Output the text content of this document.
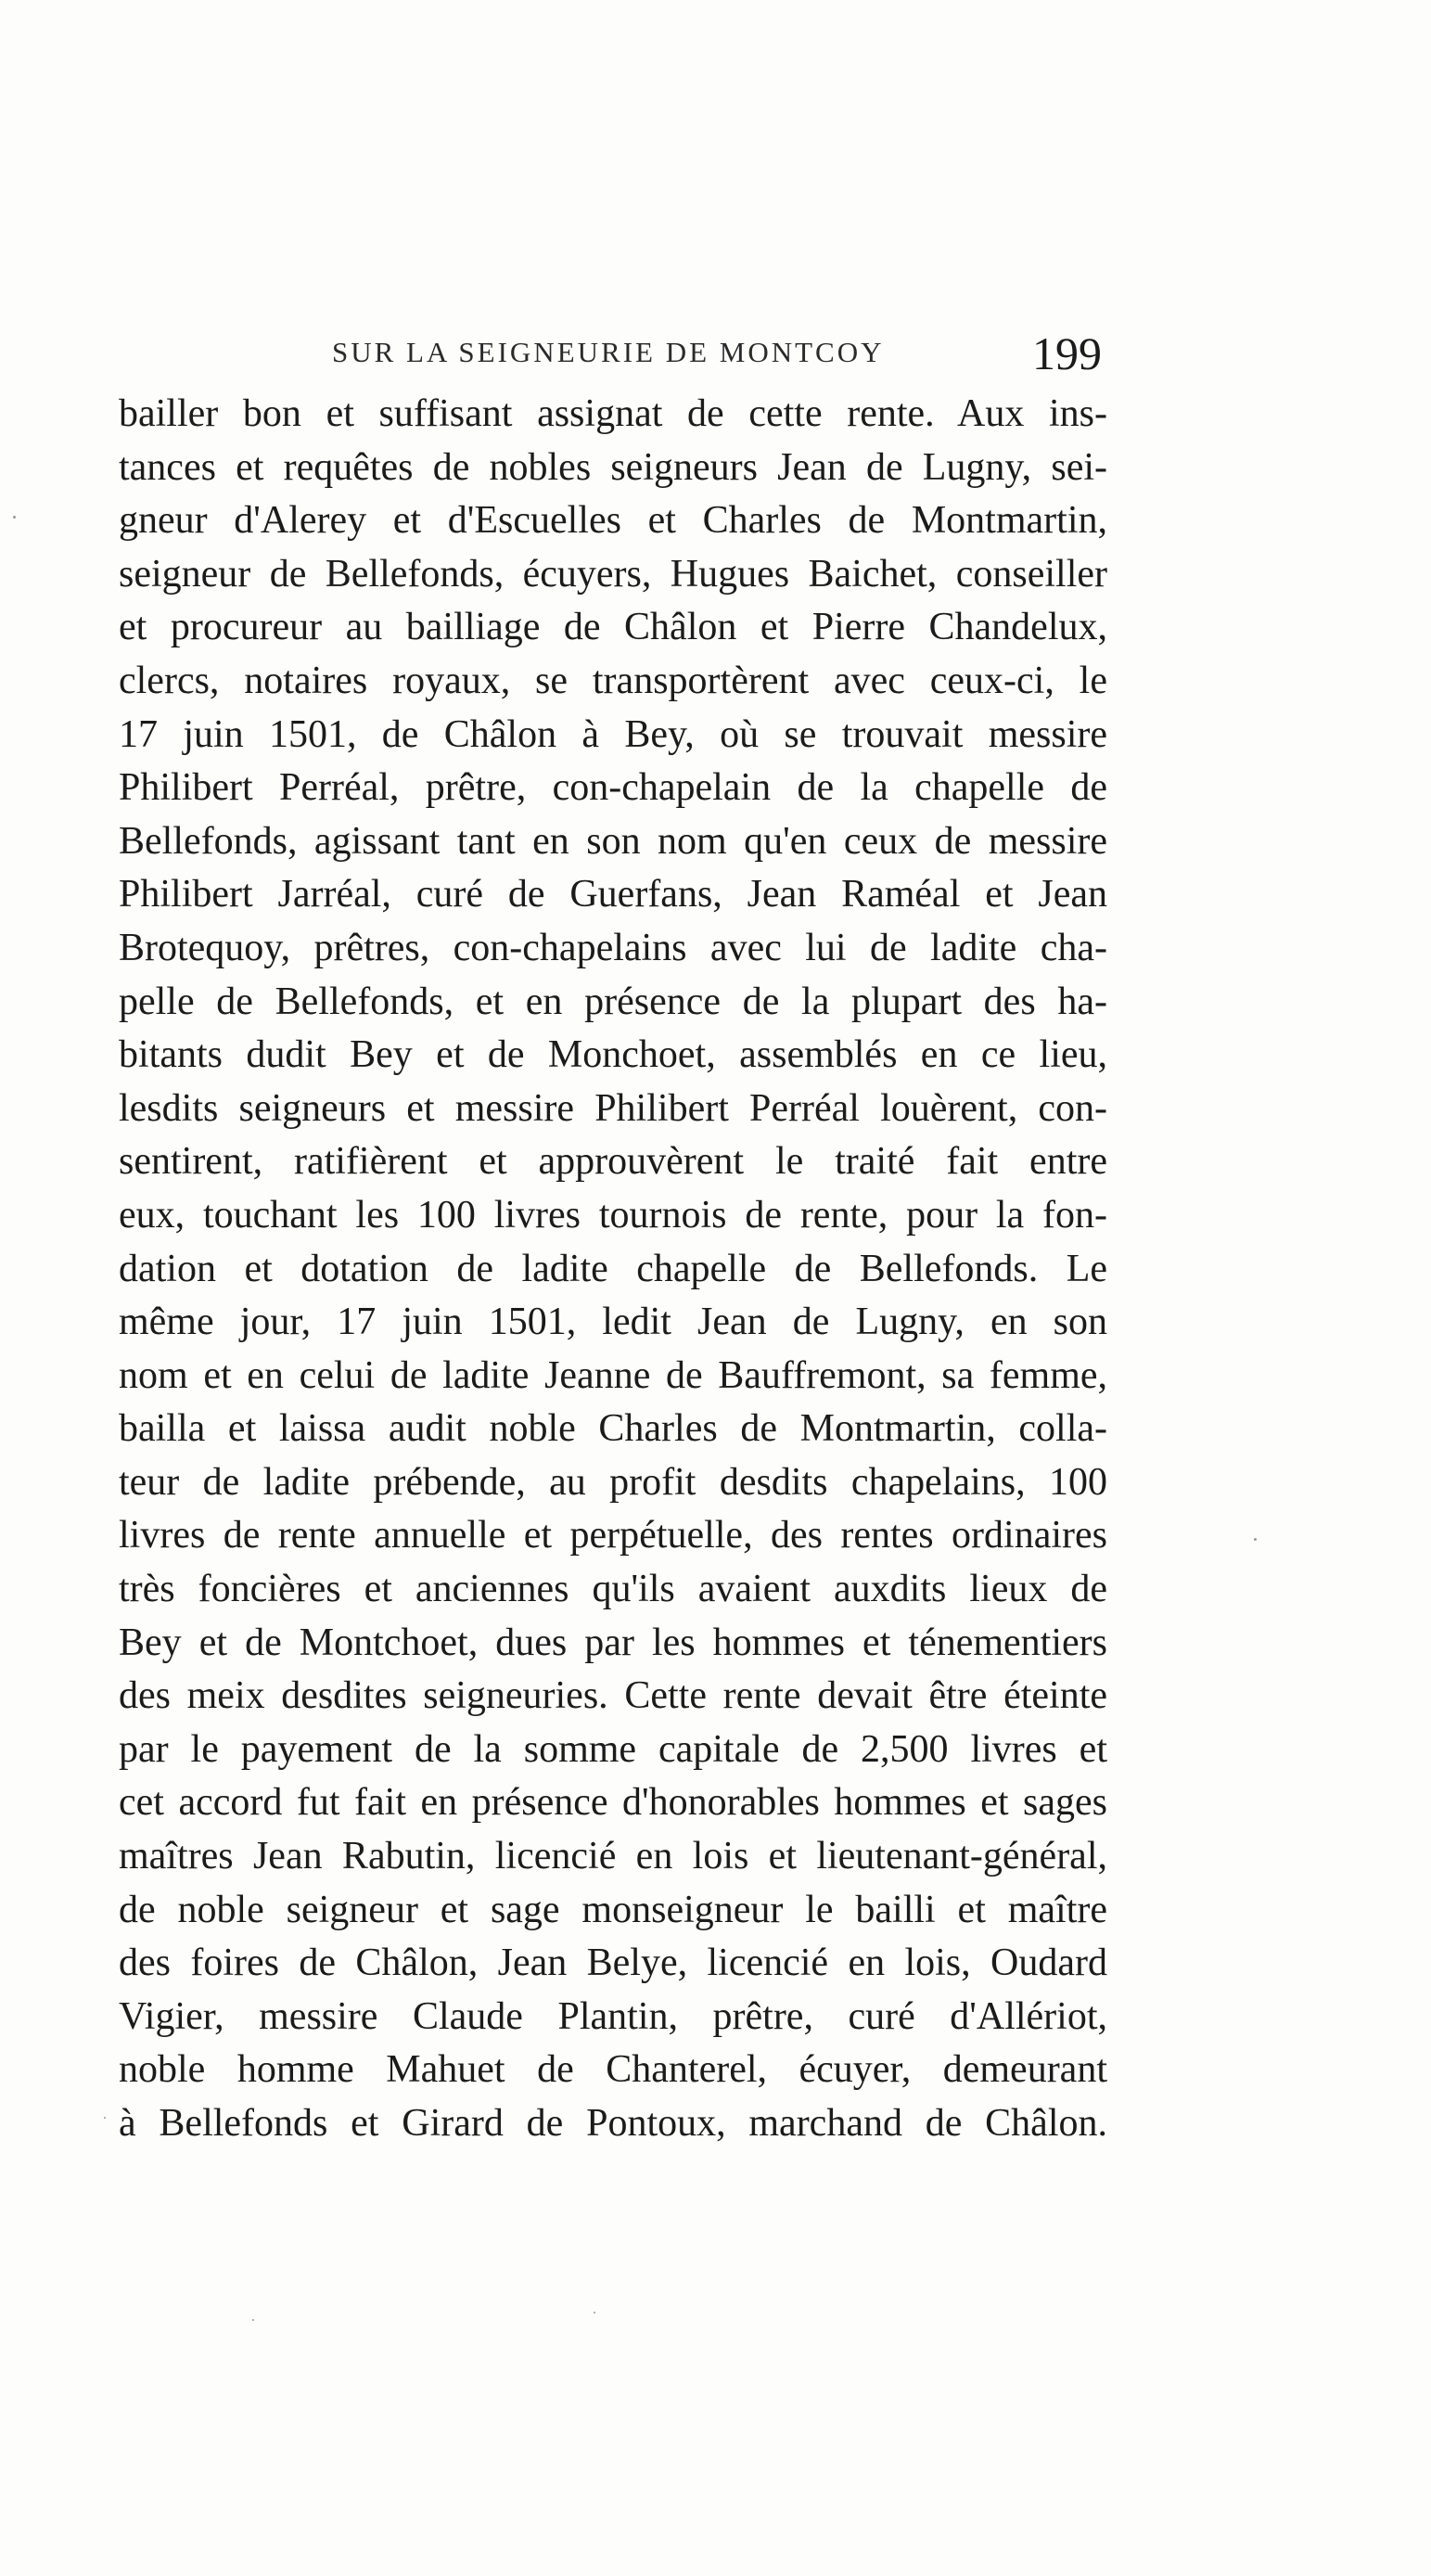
SUR LA SEIGNEURIE DE MONTCOY	199
bailler bon et suffisant assignat de cette rente. Aux ins-
tances et requêtes de nobles seigneurs Jean de Lugny, sei-
gneur d'Alerey et d'Escuelles et Charles de Montmartin,
seigneur de Bellefonds, écuyers, Hugues Baichet, conseiller
et procureur au bailliage de Châlon et Pierre Chandelux,
clercs, notaires royaux, se transportèrent avec ceux-ci, le
17 juin 1501, de Châlon à Bey, où se trouvait messire
Philibert Perréal, prêtre, con-chapelain de la chapelle de
Bellefonds, agissant tant en son nom qu'en ceux de messire
Philibert Jarréal, curé de Guerfans, Jean Raméal et Jean
Brotequoy, prêtres, con-chapelains avec lui de ladite cha-
pelle de Bellefonds, et en présence de la plupart des ha-
bitants dudit Bey et de Monchoet, assemblés en ce lieu,
lesdits seigneurs et messire Philibert Perréal louèrent, con-
sentirent, ratifièrent et approuvèrent le traité fait entre
eux, touchant les 100 livres tournois de rente, pour la fon-
dation et dotation de ladite chapelle de Bellefonds. Le
même jour, 17 juin 1501, ledit Jean de Lugny, en son
nom et en celui de ladite Jeanne de Bauffremont, sa femme,
bailla et laissa audit noble Charles de Montmartin, colla-
teur de ladite prébende, au profit desdits chapelains, 100
livres de rente annuelle et perpétuelle, des rentes ordinaires
très foncières et anciennes qu'ils avaient auxdits lieux de
Bey et de Montchoet, dues par les hommes et ténementiers
des meix desdites seigneuries. Cette rente devait être éteinte
par le payement de la somme capitale de 2,500 livres et
cet accord fut fait en présence d'honorables hommes et sages
maîtres Jean Rabutin, licencié en lois et lieutenant-général,
de noble seigneur et sage monseigneur le bailli et maître
des foires de Châlon, Jean Belye, licencié en lois, Oudard
Vigier, messire Claude Plantin, prêtre, curé d'Allériot,
noble homme Mahuet de Chanterel, écuyer, demeurant
à Bellefonds et Girard de Pontoux, marchand de Châlon.
